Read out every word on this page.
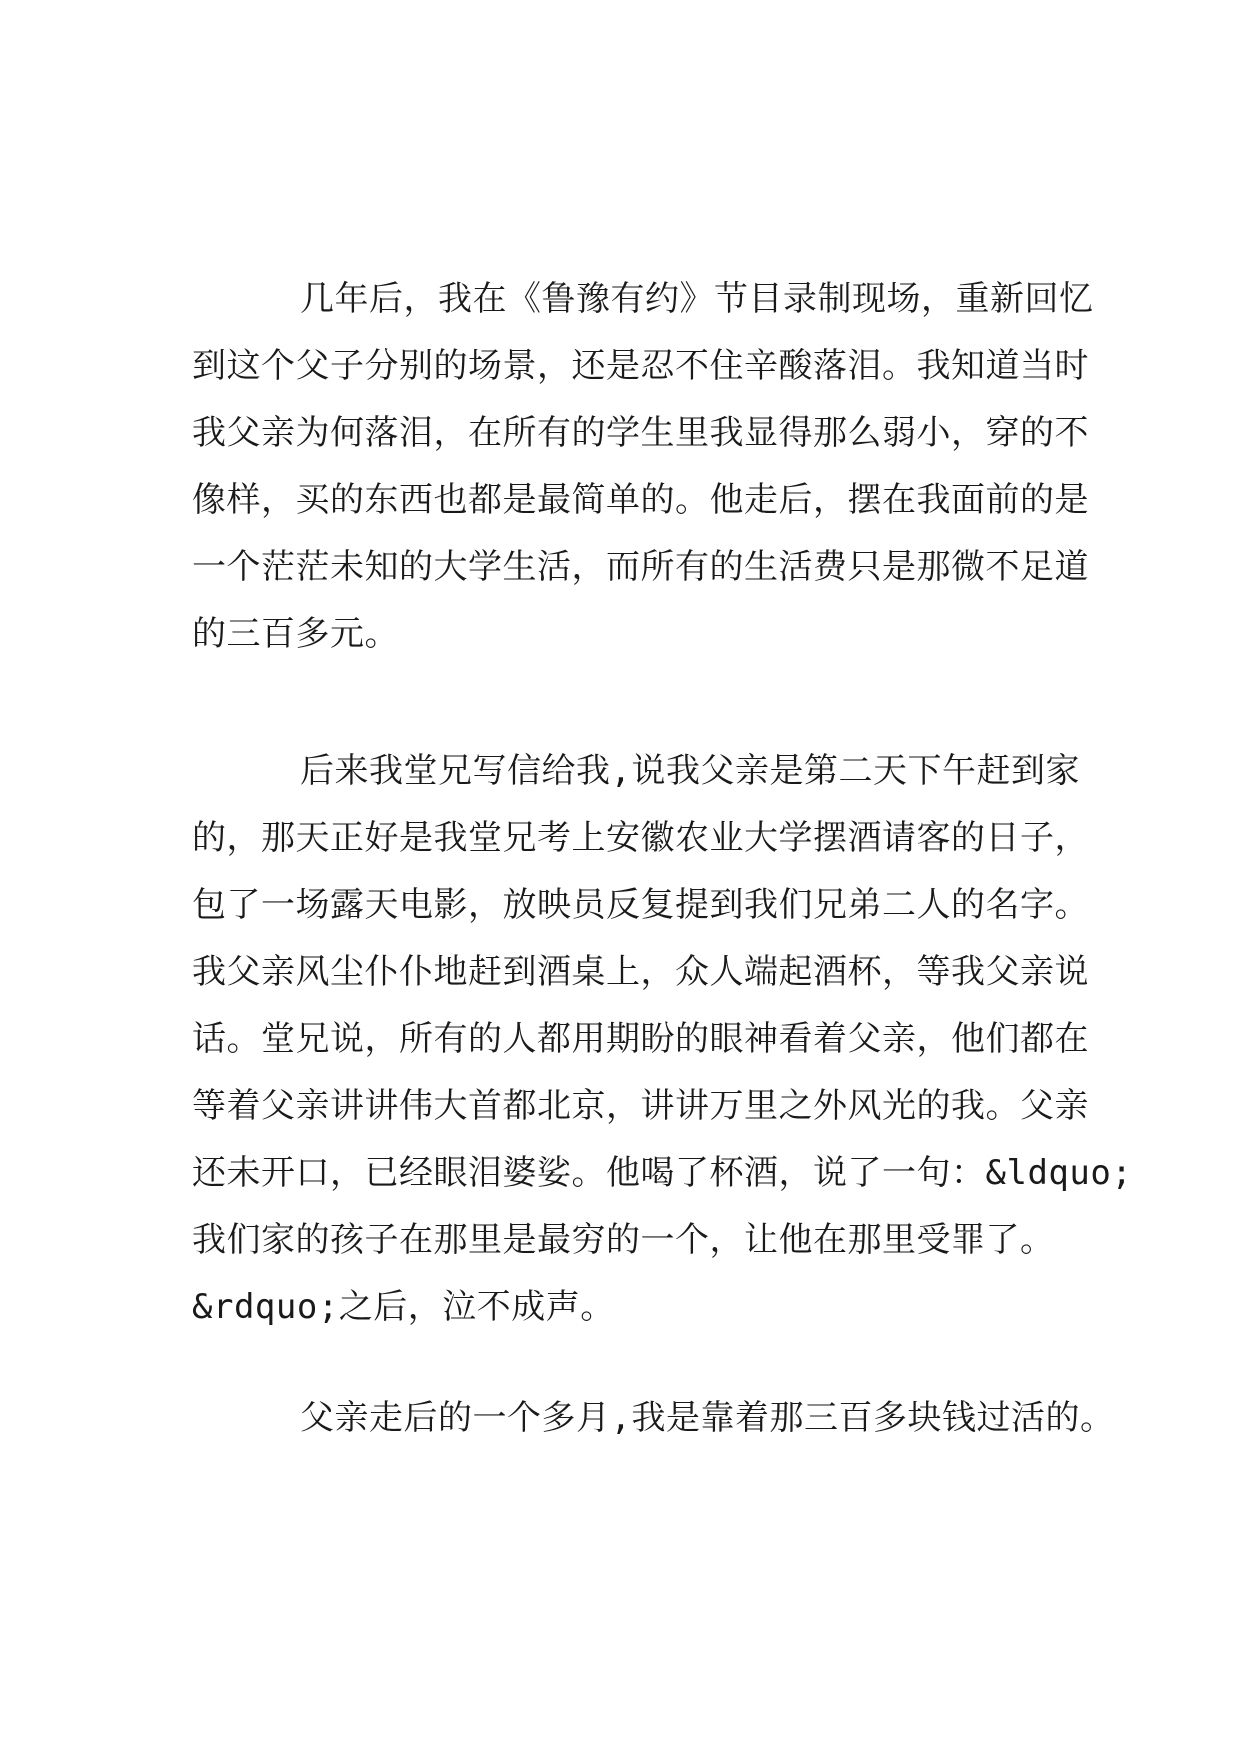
几年后，我在《鲁豫有约》节目录制现场，重新回忆
到这个父子分别的场景，还是忍不住辛酸落泪。我知道当时
我父亲为何落泪，在所有的学生里我显得那么弱小，穿的不
像样，买的东西也都是最简单的。他走后，摆在我面前的是
一个茫茫未知的大学生活，而所有的生活费只是那微不足道
的三百多元。
后来我堂兄写信给我,说我父亲是第二天下午赶到家
的，那天正好是我堂兄考上安徽农业大学摆酒请客的日子，
包了一场露天电影，放映员反复提到我们兄弟二人的名字。
我父亲风尘仆仆地赶到酒桌上，众人端起酒杯，等我父亲说
话。堂兄说，所有的人都用期盼的眼神看着父亲，他们都在
等着父亲讲讲伟大首都北京，讲讲万里之外风光的我。父亲
还未开口，已经眼泪婆娑。他喝了杯酒，说了一句：&ldquo;
我们家的孩子在那里是最穷的一个，让他在那里受罪了。
&rdquo;之后，泣不成声。
父亲走后的一个多月,我是靠着那三百多块钱过活的。
